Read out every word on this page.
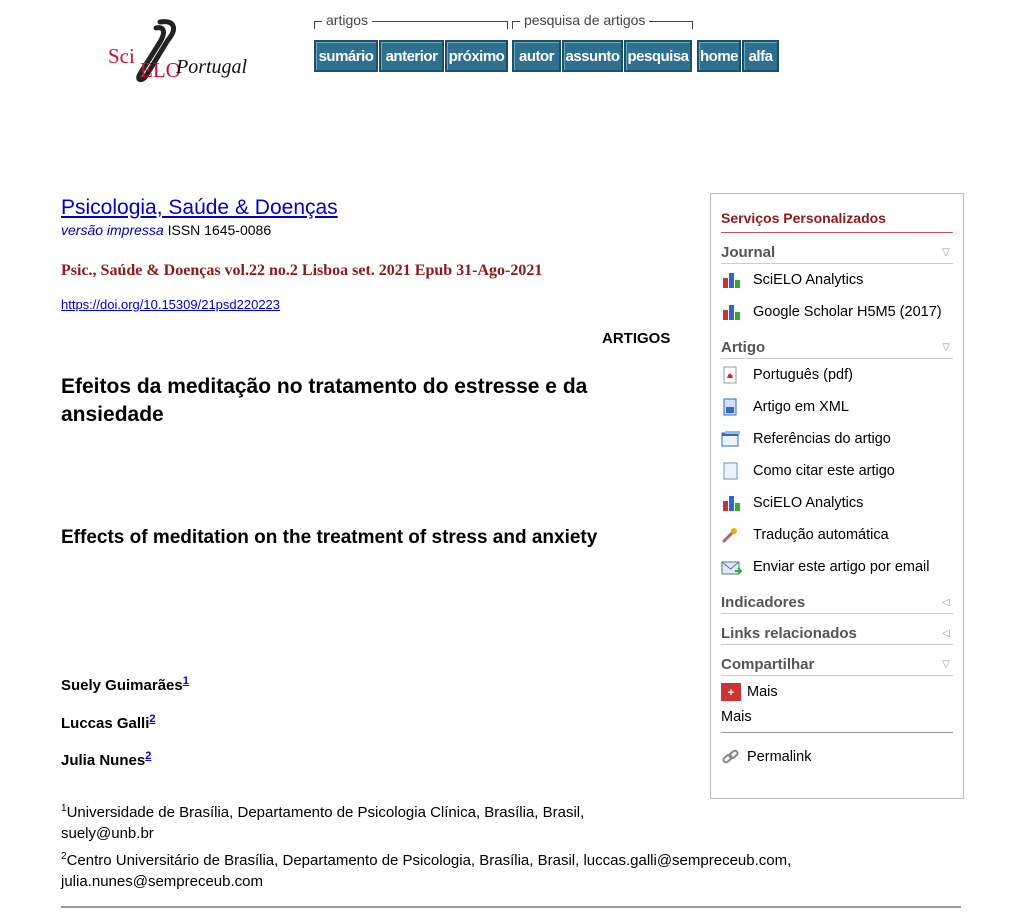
Sci
ELO
Portugal
artigos
sumário anterior próximo
pesquisa de artigos
autor assunto pesquisa home alfa
Psicologia, Saúde & Doenças
versão impressa ISSN 1645-0086
Psic., Saúde & Doenças vol.22 no.2 Lisboa set. 2021 Epub 31-Ago-2021
https://doi.org/10.15309/21psd220223
ARTIGOS
Efeitos da meditação no tratamento do estresse e da ansiedade
Effects of meditation on the treatment of stress and anxiety
Suely Guimarães$^1$
Luccas Galli$^2$
Julia Nunes$^2$
$^1$Universidade de Brasília, Departamento de Psicologia Clínica, Brasília, Brasil, suely@unb.br
$^2$Centro Universitário de Brasília, Departamento de Psicologia, Brasília, Brasil, luccas.galli@sempreceub.com, julia.nunes@sempreceub.com
Serviços Personalizados
Journal	▽
SciELO Analytics
Google Scholar H5M5 (2017)
Artigo	▽
Português (pdf)
Artigo em XML
Referências do artigo
Como citar este artigo
SciELO Analytics
Tradução automática
Enviar este artigo por email
Indicadores	◁
Links relacionados	◁
Compartilhar	▽
+ Mais
Mais
Permalink
